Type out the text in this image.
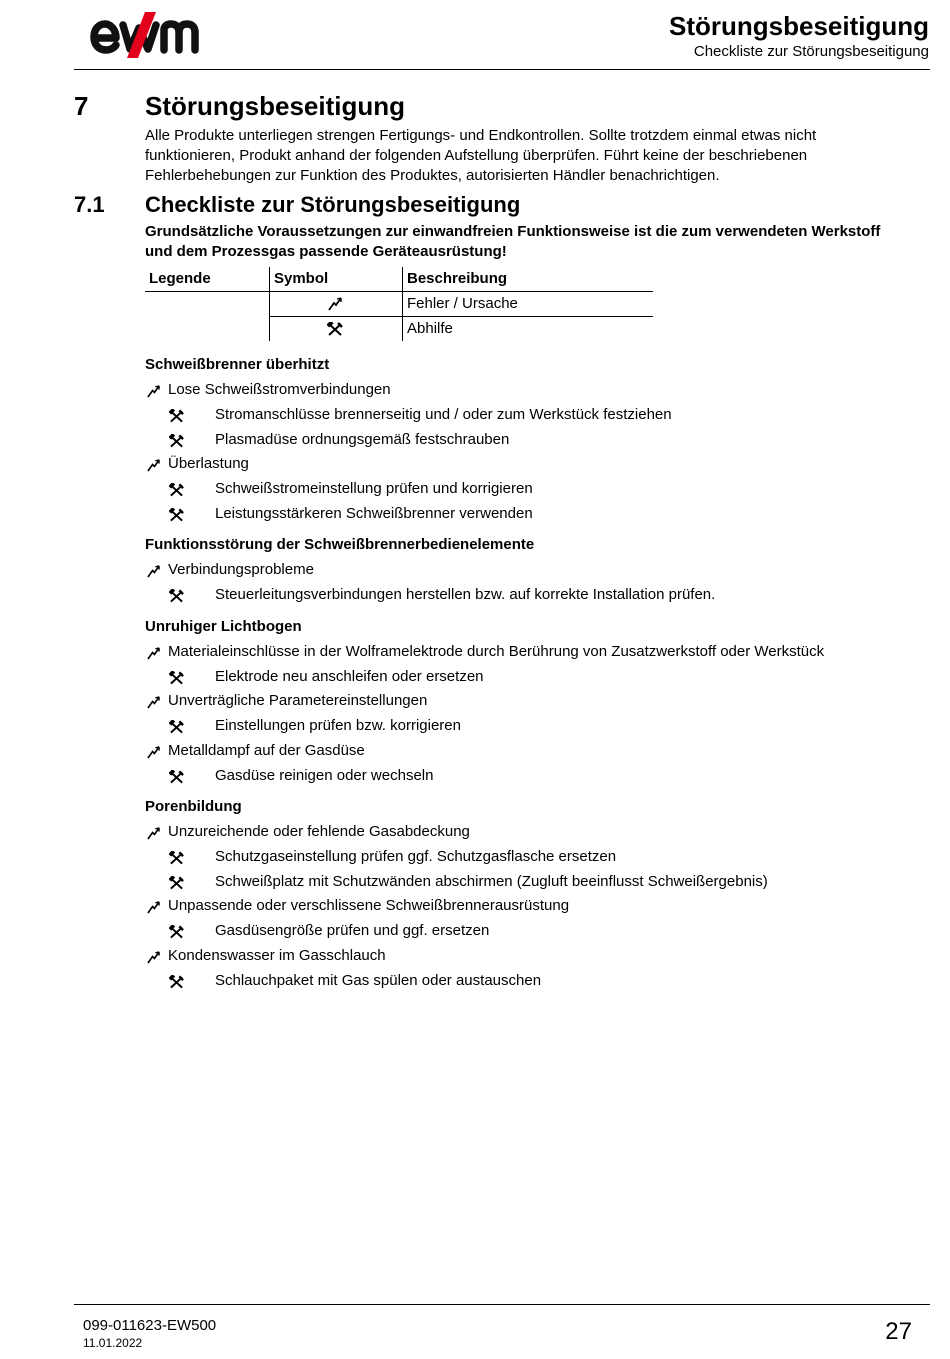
Störungsbeseitigung
Checkliste zur Störungsbeseitigung
7 Störungsbeseitigung
Alle Produkte unterliegen strengen Fertigungs- und Endkontrollen. Sollte trotzdem einmal etwas nicht funktionieren, Produkt anhand der folgenden Aufstellung überprüfen. Führt keine der beschriebenen Fehlerbehebungen zur Funktion des Produktes, autorisierten Händler benachrichtigen.
7.1 Checkliste zur Störungsbeseitigung
Grundsätzliche Voraussetzungen zur einwandfreien Funktionsweise ist die zum verwendeten Werkstoff und dem Prozessgas passende Geräteausrüstung!
Legende	Symbol	Beschreibung
Fehler / Ursache
Abhilfe
Schweißbrenner überhitzt
Lose Schweißstromverbindungen
Stromanschlüsse brennerseitig und / oder zum Werkstück festziehen
Plasmadüse ordnungsgemäß festschrauben
Überlastung
Schweißstromeinstellung prüfen und korrigieren
Leistungsstärkeren Schweißbrenner verwenden
Funktionsstörung der Schweißbrennerbedienelemente
Verbindungsprobleme
Steuerleitungsverbindungen herstellen bzw. auf korrekte Installation prüfen.
Unruhiger Lichtbogen
Materialeinschlüsse in der Wolframelektrode durch Berührung von Zusatzwerkstoff oder Werkstück
Elektrode neu anschleifen oder ersetzen
Unverträgliche Parametereinstellungen
Einstellungen prüfen bzw. korrigieren
Metalldampf auf der Gasdüse
Gasdüse reinigen oder wechseln
Porenbildung
Unzureichende oder fehlende Gasabdeckung
Schutzgaseinstellung prüfen ggf. Schutzgasflasche ersetzen
Schweißplatz mit Schutzwänden abschirmen (Zugluft beeinflusst Schweißergebnis)
Unpassende oder verschlissene Schweißbrennerausrüstung
Gasdüsengröße prüfen und ggf. ersetzen
Kondenswasser im Gasschlauch
Schlauchpaket mit Gas spülen oder austauschen
099-011623-EW500
11.01.2022	27
